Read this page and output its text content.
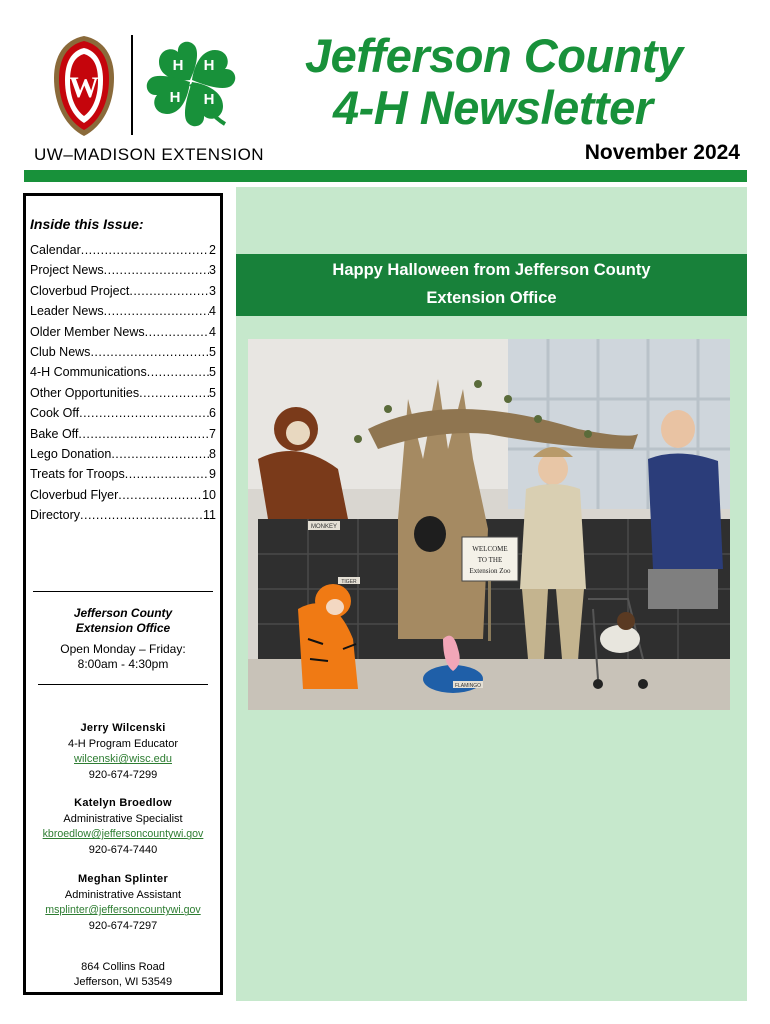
W
H H
H
H
UW–MADISON EXTENSION
Jefferson County
4-H Newsletter
November 2024
Inside this Issue:
Calendar .....	2
Project News .....	3
Cloverbud Project .....	3
Leader News .....	4
Older Member News .....	4
Club News .....	5
4-H Communications .....	5
Other Opportunities .....	5
Cook Off .....	6
Bake Off .....	7
Lego Donation .....	8
Treats for Troops .....	9
Cloverbud Flyer .....	10
Directory .....	11
Jefferson County
Extension Office
Open Monday – Friday:
8:00am - 4:30pm
Jerry Wilcenski
4-H Program Educator
wilcenski@wisc.edu
920-674-7299
Katelyn Broedlow
Administrative Specialist
kbroedlow@jeffersoncountywi.gov
920-674-7440
Meghan Splinter
Administrative Assistant
msplinter@jeffersoncountywi.gov
920-674-7297
864 Collins Road
Jefferson, WI 53549
Happy Halloween from Jefferson County
Extension Office
WELCOME
TO THE
Extension Zoo
MONKEY
TIGER
FLAMINGO
